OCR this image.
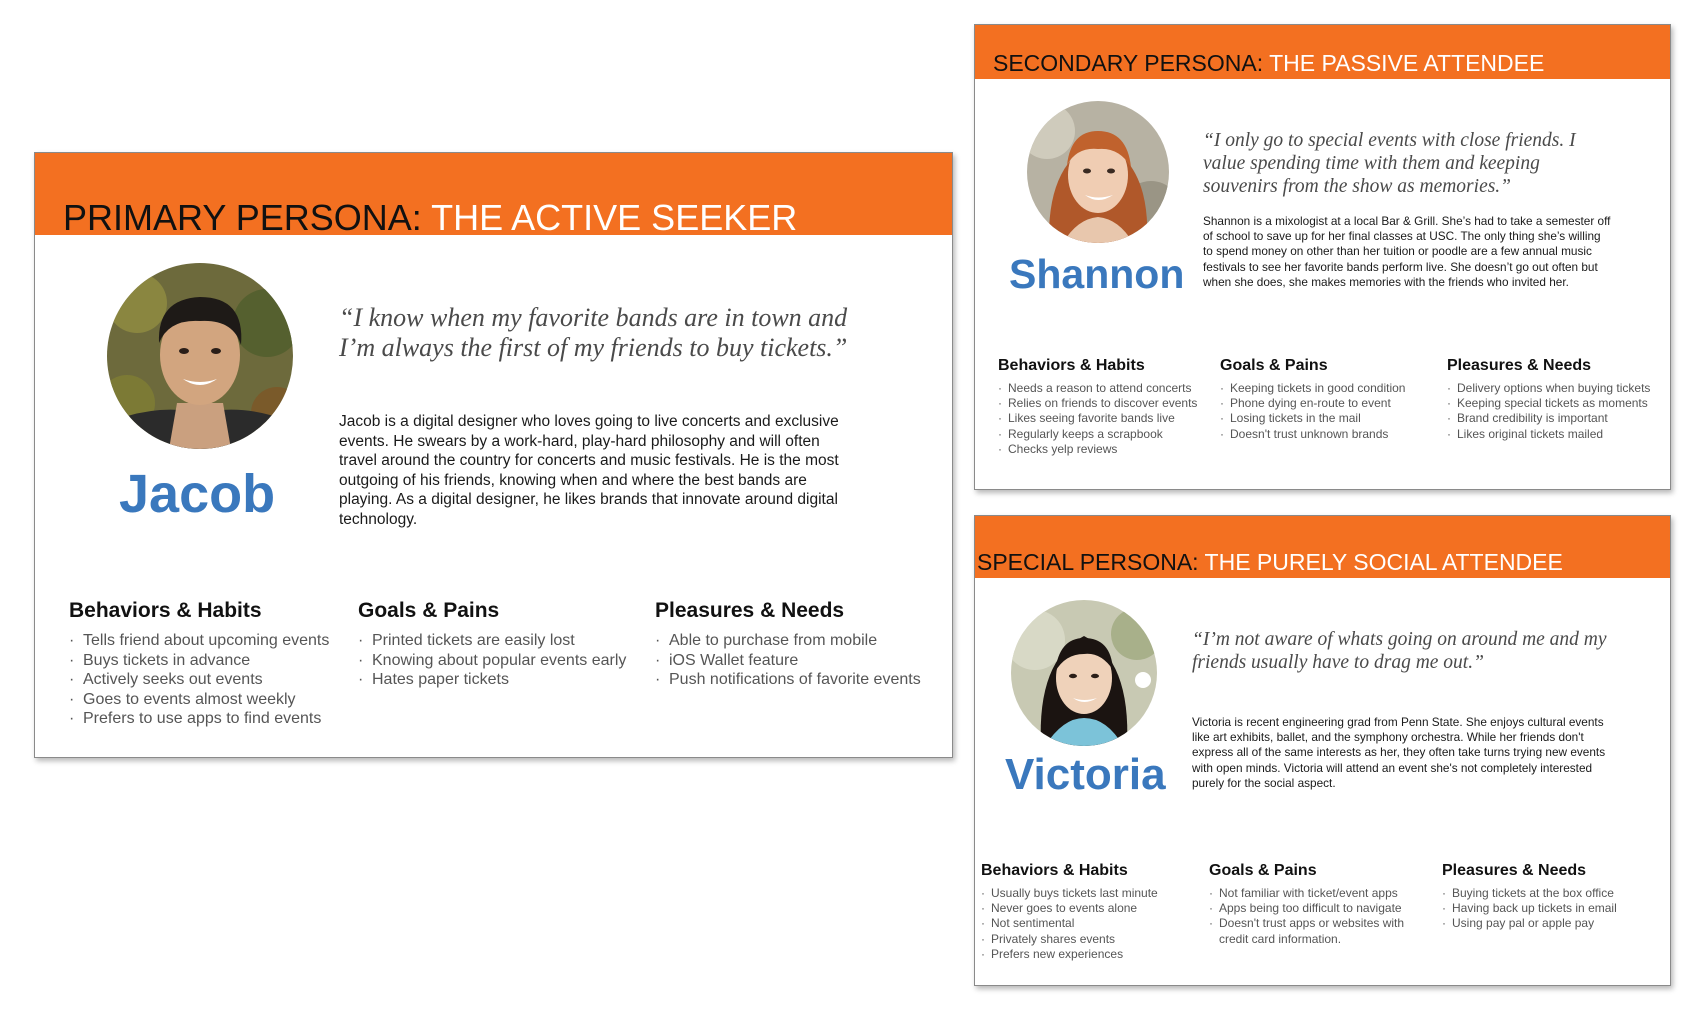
PRIMARY PERSONA: THE ACTIVE SEEKER
Jacob
“I know when my favorite bands are in town and I’m always the first of my friends to buy tickets.”
Jacob is a digital designer who loves going to live concerts and exclusive events. He swears by a work-hard, play-hard philosophy and will often travel around the country for concerts and music festivals. He is the most outgoing of his friends, knowing when and where the best bands are playing. As a digital designer, he likes brands that innovate around digital technology.
Behaviors & Habits
· Tells friend about upcoming events
· Buys tickets in advance
· Actively seeks out events
· Goes to events almost weekly
· Prefers to use apps to find events
Goals & Pains
· Printed tickets are easily lost
· Knowing about popular events early
· Hates paper tickets
Pleasures & Needs
· Able to purchase from mobile
· iOS Wallet feature
· Push notifications of favorite events
SECONDARY PERSONA: THE PASSIVE ATTENDEE
Shannon
“I only go to special events with close friends. I value spending time with them and keeping souvenirs from the show as memories.”
Shannon is a mixologist at a local Bar & Grill. She’s had to take a semester off of school to save up for her final classes at USC. The only thing she’s willing to spend money on other than her tuition or poodle are a few annual music festivals to see her favorite bands perform live. She doesn’t go out often but when she does, she makes memories with the friends who invited her.
Behaviors & Habits
· Needs a reason to attend concerts
· Relies on friends to discover events
· Likes seeing favorite bands live
· Regularly keeps a scrapbook
· Checks yelp reviews
Goals & Pains
· Keeping tickets in good condition
· Phone dying en-route to event
· Losing tickets in the mail
· Doesn't trust unknown brands
Pleasures & Needs
· Delivery options when buying tickets
· Keeping special tickets as moments
· Brand credibility is important
· Likes original tickets mailed
SPECIAL PERSONA: THE PURELY SOCIAL ATTENDEE
Victoria
“I’m not aware of whats going on around me and my friends usually have to drag me out.”
Victoria is recent engineering grad from Penn State. She enjoys cultural events like art exhibits, ballet, and the symphony orchestra. While her friends don't express all of the same interests as her, they often take turns trying new events with open minds. Victoria will attend an event she's not completely interested purely for the social aspect.
Behaviors & Habits
· Usually buys tickets last minute
· Never goes to events alone
· Not sentimental
· Privately shares events
· Prefers new experiences
Goals & Pains
· Not familiar with ticket/event apps
· Apps being too difficult to navigate
· Doesn't trust apps or websites with credit card information.
Pleasures & Needs
· Buying tickets at the box office
· Having back up tickets in email
· Using pay pal or apple pay
